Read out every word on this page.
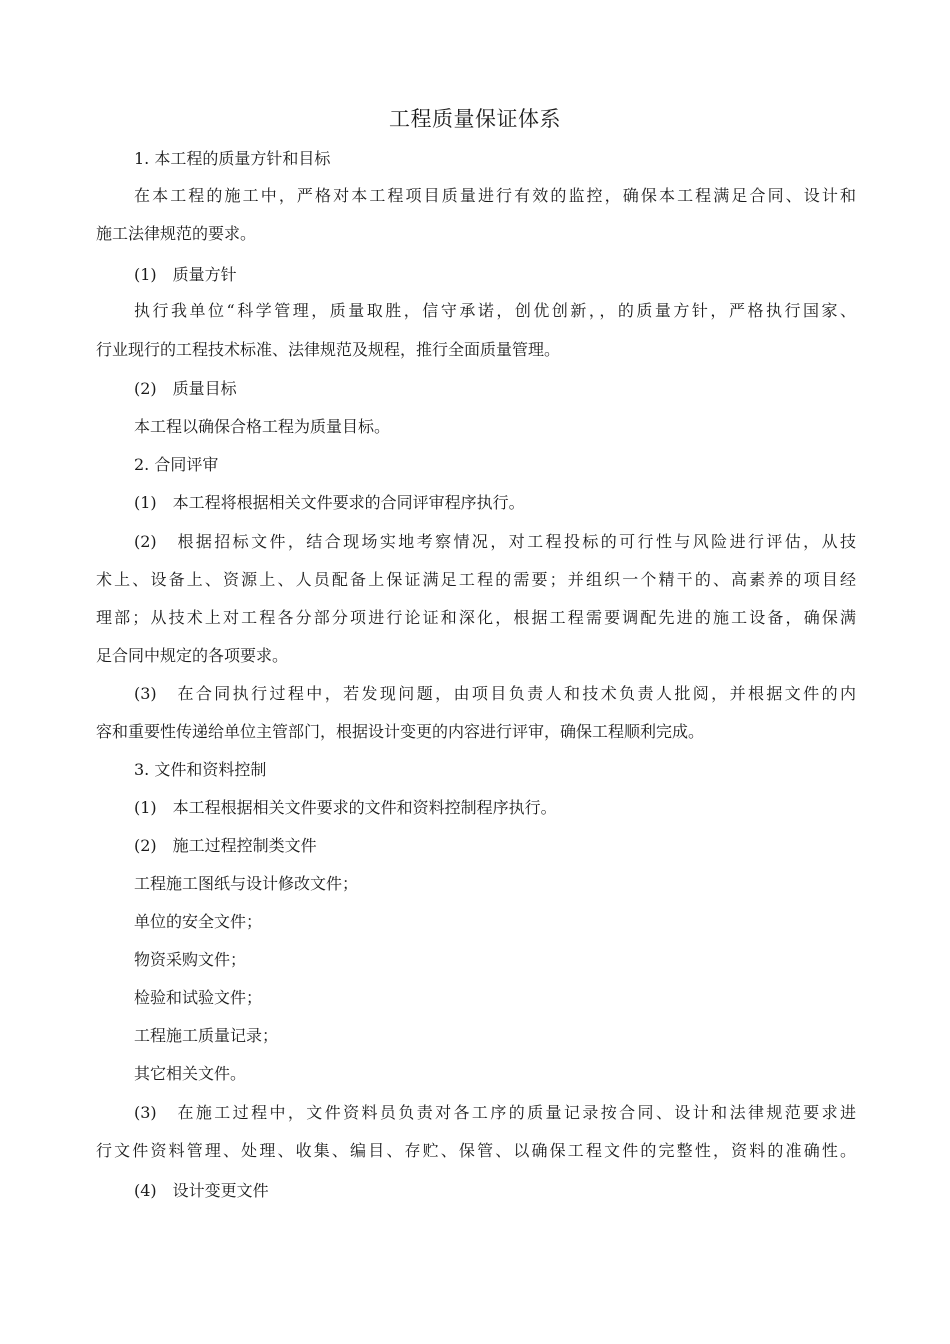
工程质量保证体系
1. 本工程的质量方针和目标
在本工程的施工中，严格对本工程项目质量进行有效的监控，确保本工程满足合同、设计和
施工法律规范的要求。
(1)　质量方针
执行我单位“科学管理，质量取胜，信守承诺，创优创新，，的质量方针，严格执行国家、
行业现行的工程技术标准、法律规范及规程，推行全面质量管理。
(2)　质量目标
本工程以确保合格工程为质量目标。
2. 合同评审
(1)　本工程将根据相关文件要求的合同评审程序执行。
(2)　根据招标文件，结合现场实地考察情况，对工程投标的可行性与风险进行评估，从技
术上、设备上、资源上、人员配备上保证满足工程的需要；并组织一个精干的、高素养的项目经
理部；从技术上对工程各分部分项进行论证和深化，根据工程需要调配先进的施工设备，确保满
足合同中规定的各项要求。
(3)　在合同执行过程中，若发现问题，由项目负责人和技术负责人批阅，并根据文件的内
容和重要性传递给单位主管部门，根据设计变更的内容进行评审，确保工程顺利完成。
3. 文件和资料控制
(1)　本工程根据相关文件要求的文件和资料控制程序执行。
(2)　施工过程控制类文件
工程施工图纸与设计修改文件；
单位的安全文件；
物资采购文件；
检验和试验文件；
工程施工质量记录；
其它相关文件。
(3)　在施工过程中，文件资料员负责对各工序的质量记录按合同、设计和法律规范要求进
行文件资料管理、处理、收集、编目、存贮、保管、以确保工程文件的完整性，资料的准确性。
(4)　设计变更文件
